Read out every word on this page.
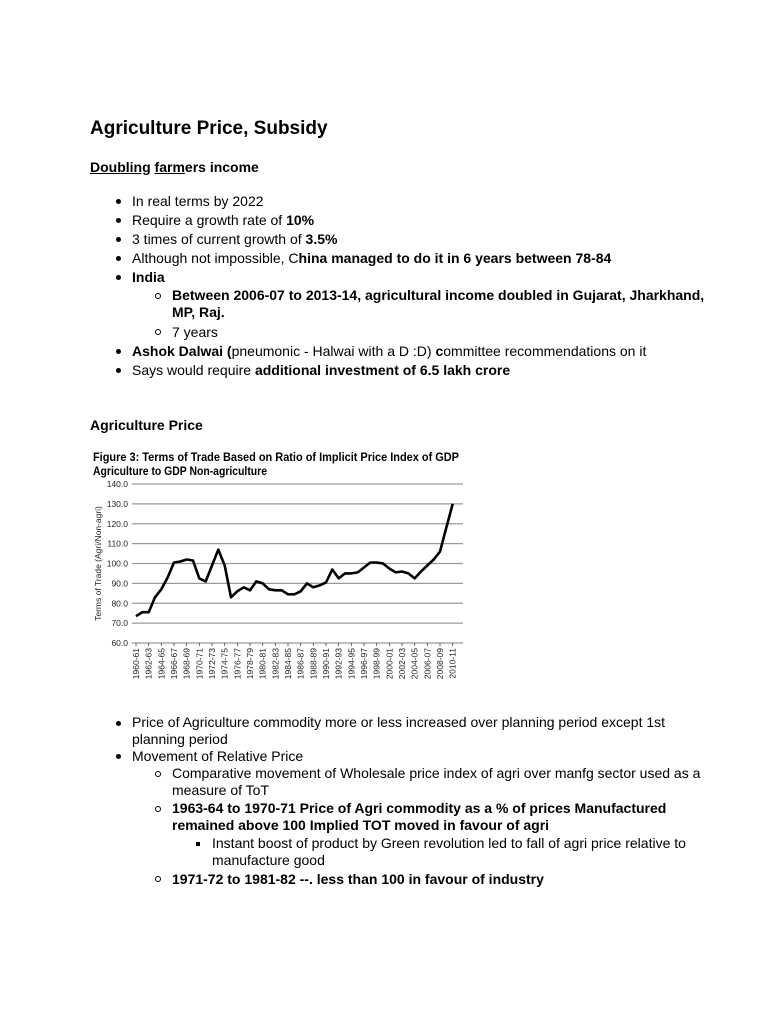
Agriculture Price, Subsidy
Doubling farmers income
In real terms by 2022
Require a growth rate of 10%
3 times of current growth of 3.5%
Although not impossible, China managed to do it in 6 years between 78-84
India
Between 2006-07 to 2013-14, agricultural income doubled in Gujarat, Jharkhand, MP, Raj.
7 years
Ashok Dalwai (pneumonic - Halwai with a D :D) committee recommendations on it
Says would require additional investment of 6.5 lakh crore
Agriculture Price
Figure 3: Terms of Trade Based on Ratio of Implicit Price Index of GDP
Agriculture to GDP Non-agriculture
60.0
70.0
80.0
90.0
100.0
110.0
120.0
130.0
140.0
Terms of Trade (Agri/Non-agri)
1960-61 1962-63 1964-65 1966-67 1968-69 1970-71 1972-73 1974-75 1976-77 1978-79 1980-81 1982-83 1984-85 1986-87 1988-89 1990-91 1992-93 1994-95 1996-97 1998-99 2000-01 2002-03 2004-05 2006-07 2008-09 2010-11
Price of Agriculture commodity more or less increased over planning period except 1st planning period
Movement of Relative Price
Comparative movement of Wholesale price index of agri over manfg sector used as a measure of ToT
1963-64 to 1970-71 Price of Agri commodity as a % of prices Manufactured remained above 100 Implied TOT moved in favour of agri
Instant boost of product by Green revolution led to fall of agri price relative to manufacture good
1971-72 to 1981-82 --. less than 100 in favour of industry
